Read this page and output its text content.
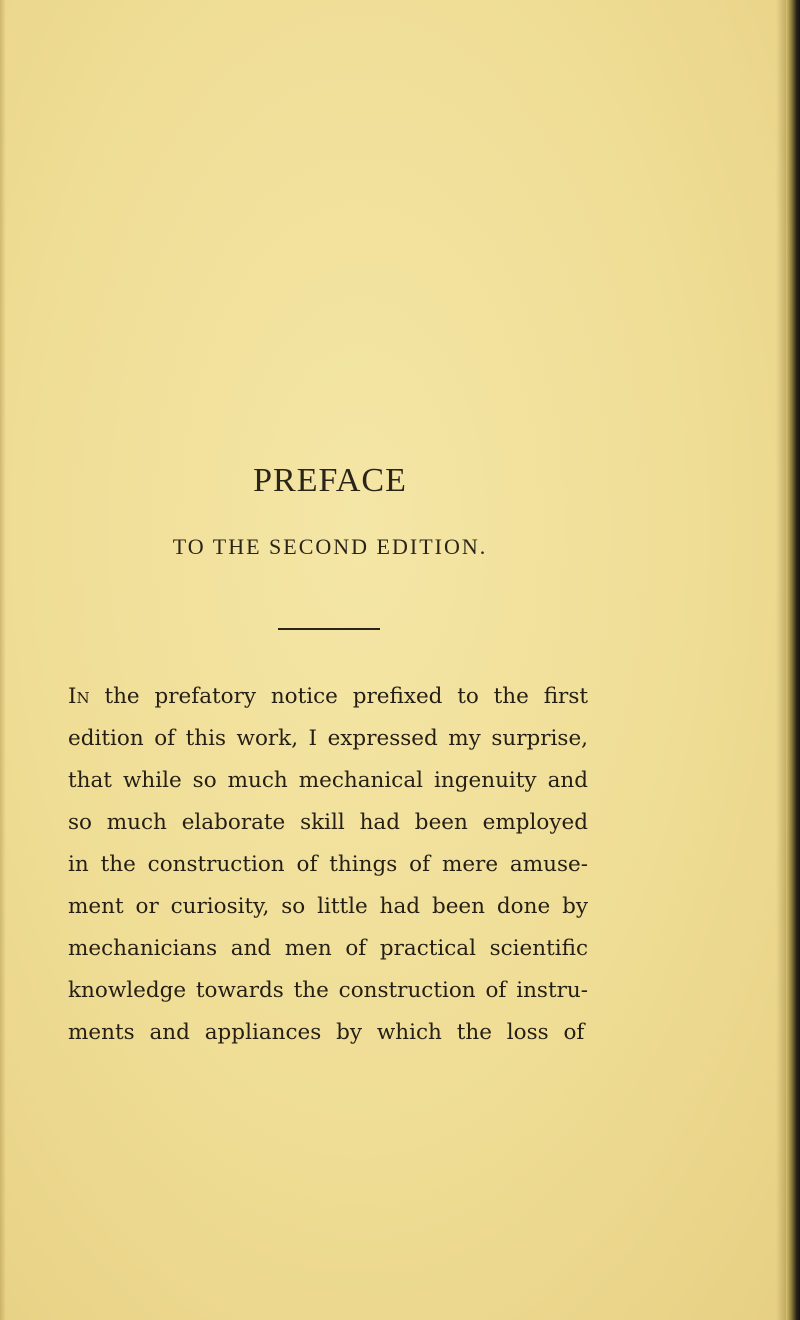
PREFACE
TO THE SECOND EDITION.
In the prefatory notice prefixed to the first
edition of this work, I expressed my surprise,
that while so much mechanical ingenuity and
so much elaborate skill had been employed
in the construction of things of mere amuse-
ment or curiosity, so little had been done by
mechanicians and men of practical scientific
knowledge towards the construction of instru-
ments and appliances by which the loss of
